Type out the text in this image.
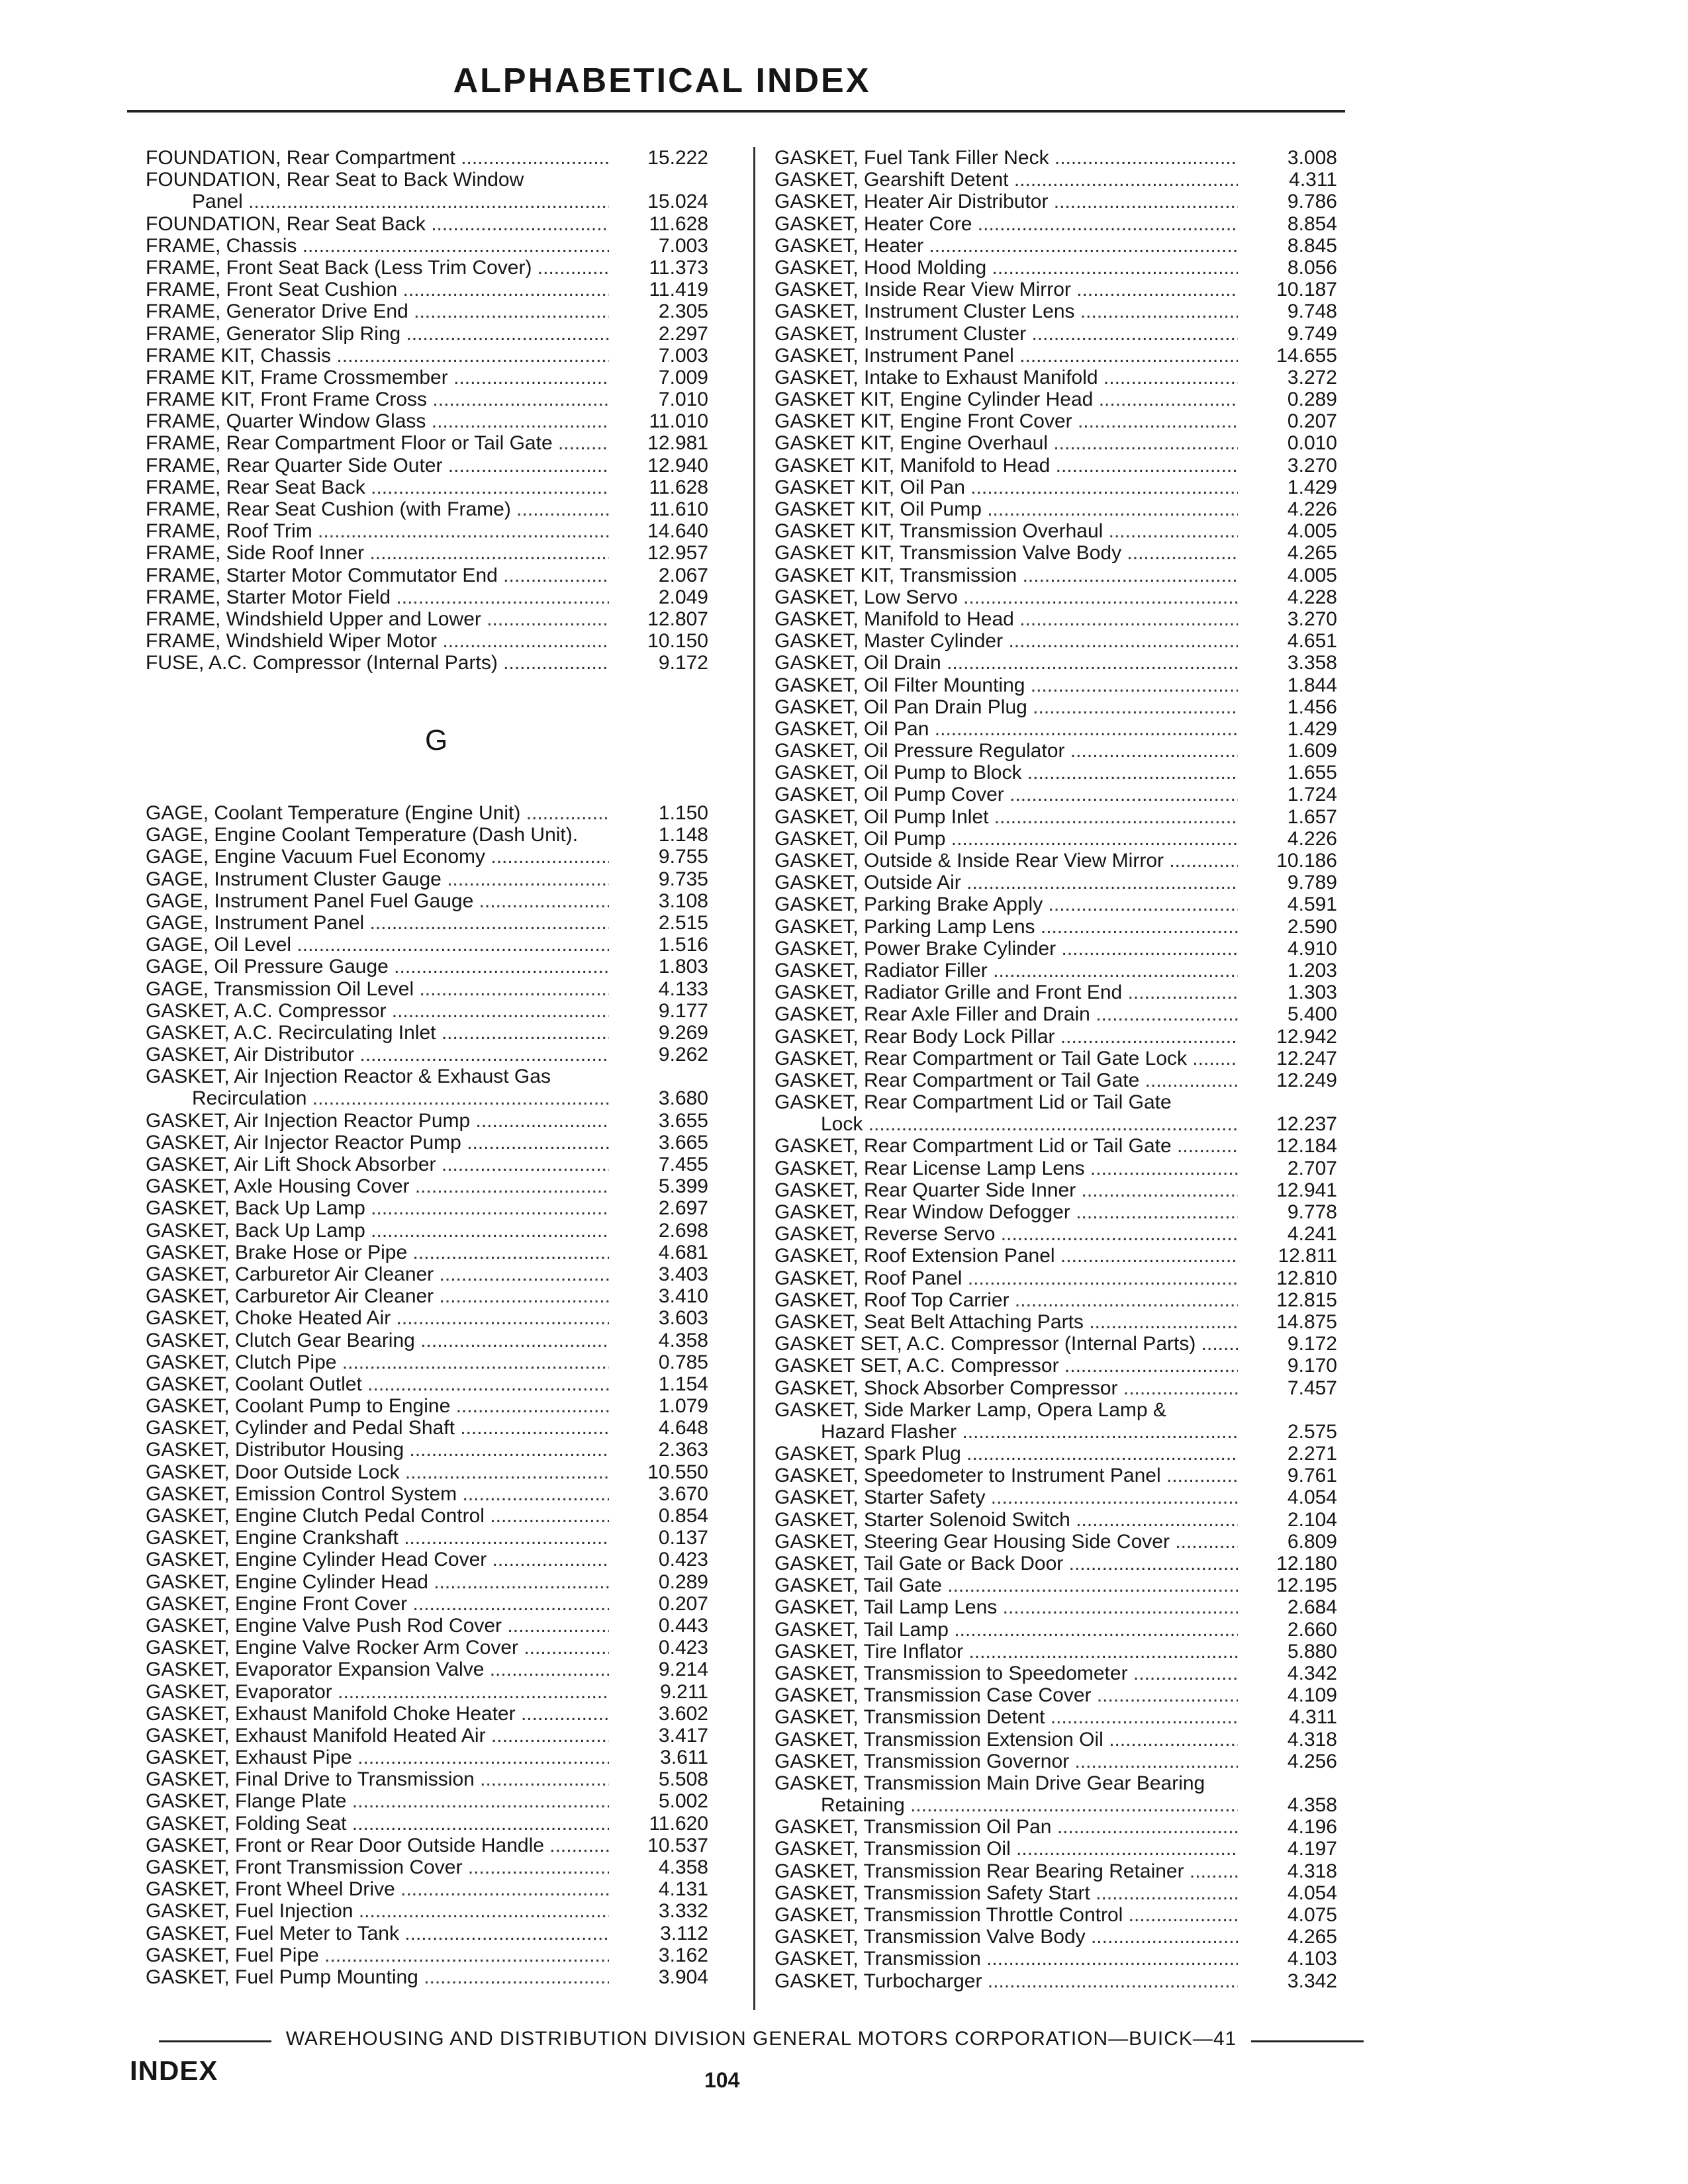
ALPHABETICAL INDEX
FOUNDATION, Rear Compartment .....	15.222
FOUNDATION, Rear Seat to Back Window
Panel .....	15.024
FOUNDATION, Rear Seat Back .....	11.628
FRAME, Chassis .....	7.003
FRAME, Front Seat Back (Less Trim Cover) .....	11.373
FRAME, Front Seat Cushion .....	11.419
FRAME, Generator Drive End .....	2.305
FRAME, Generator Slip Ring .....	2.297
FRAME KIT, Chassis .....	7.003
FRAME KIT, Frame Crossmember .....	7.009
FRAME KIT, Front Frame Cross .....	7.010
FRAME, Quarter Window Glass .....	11.010
FRAME, Rear Compartment Floor or Tail Gate .....	12.981
FRAME, Rear Quarter Side Outer .....	12.940
FRAME, Rear Seat Back .....	11.628
FRAME, Rear Seat Cushion (with Frame) .....	11.610
FRAME, Roof Trim .....	14.640
FRAME, Side Roof Inner .....	12.957
FRAME, Starter Motor Commutator End .....	2.067
FRAME, Starter Motor Field .....	2.049
FRAME, Windshield Upper and Lower .....	12.807
FRAME, Windshield Wiper Motor .....	10.150
FUSE, A.C. Compressor (Internal Parts) .....	9.172
G
GAGE, Coolant Temperature (Engine Unit) .....	1.150
GAGE, Engine Coolant Temperature (Dash Unit).	1.148
GAGE, Engine Vacuum Fuel Economy .....	9.755
GAGE, Instrument Cluster Gauge .....	9.735
GAGE, Instrument Panel Fuel Gauge .....	3.108
GAGE, Instrument Panel .....	2.515
GAGE, Oil Level .....	1.516
GAGE, Oil Pressure Gauge .....	1.803
GAGE, Transmission Oil Level .....	4.133
GASKET, A.C. Compressor .....	9.177
GASKET, A.C. Recirculating Inlet .....	9.269
GASKET, Air Distributor .....	9.262
GASKET, Air Injection Reactor & Exhaust Gas
Recirculation .....	3.680
GASKET, Air Injection Reactor Pump .....	3.655
GASKET, Air Injector Reactor Pump .....	3.665
GASKET, Air Lift Shock Absorber .....	7.455
GASKET, Axle Housing Cover .....	5.399
GASKET, Back Up Lamp .....	2.697
GASKET, Back Up Lamp .....	2.698
GASKET, Brake Hose or Pipe .....	4.681
GASKET, Carburetor Air Cleaner .....	3.403
GASKET, Carburetor Air Cleaner .....	3.410
GASKET, Choke Heated Air .....	3.603
GASKET, Clutch Gear Bearing .....	4.358
GASKET, Clutch Pipe .....	0.785
GASKET, Coolant Outlet .....	1.154
GASKET, Coolant Pump to Engine .....	1.079
GASKET, Cylinder and Pedal Shaft .....	4.648
GASKET, Distributor Housing .....	2.363
GASKET, Door Outside Lock .....	10.550
GASKET, Emission Control System .....	3.670
GASKET, Engine Clutch Pedal Control .....	0.854
GASKET, Engine Crankshaft .....	0.137
GASKET, Engine Cylinder Head Cover .....	0.423
GASKET, Engine Cylinder Head .....	0.289
GASKET, Engine Front Cover .....	0.207
GASKET, Engine Valve Push Rod Cover .....	0.443
GASKET, Engine Valve Rocker Arm Cover .....	0.423
GASKET, Evaporator Expansion Valve .....	9.214
GASKET, Evaporator .....	9.211
GASKET, Exhaust Manifold Choke Heater .....	3.602
GASKET, Exhaust Manifold Heated Air .....	3.417
GASKET, Exhaust Pipe .....	3.611
GASKET, Final Drive to Transmission .....	5.508
GASKET, Flange Plate .....	5.002
GASKET, Folding Seat .....	11.620
GASKET, Front or Rear Door Outside Handle .....	10.537
GASKET, Front Transmission Cover .....	4.358
GASKET, Front Wheel Drive .....	4.131
GASKET, Fuel Injection .....	3.332
GASKET, Fuel Meter to Tank .....	3.112
GASKET, Fuel Pipe .....	3.162
GASKET, Fuel Pump Mounting .....	3.904
GASKET, Fuel Tank Filler Neck .....	3.008
GASKET, Gearshift Detent .....	4.311
GASKET, Heater Air Distributor .....	9.786
GASKET, Heater Core .....	8.854
GASKET, Heater .....	8.845
GASKET, Hood Molding .....	8.056
GASKET, Inside Rear View Mirror .....	10.187
GASKET, Instrument Cluster Lens .....	9.748
GASKET, Instrument Cluster .....	9.749
GASKET, Instrument Panel .....	14.655
GASKET, Intake to Exhaust Manifold .....	3.272
GASKET KIT, Engine Cylinder Head .....	0.289
GASKET KIT, Engine Front Cover .....	0.207
GASKET KIT, Engine Overhaul .....	0.010
GASKET KIT, Manifold to Head .....	3.270
GASKET KIT, Oil Pan .....	1.429
GASKET KIT, Oil Pump .....	4.226
GASKET KIT, Transmission Overhaul .....	4.005
GASKET KIT, Transmission Valve Body .....	4.265
GASKET KIT, Transmission .....	4.005
GASKET, Low Servo .....	4.228
GASKET, Manifold to Head .....	3.270
GASKET, Master Cylinder .....	4.651
GASKET, Oil Drain .....	3.358
GASKET, Oil Filter Mounting .....	1.844
GASKET, Oil Pan Drain Plug .....	1.456
GASKET, Oil Pan .....	1.429
GASKET, Oil Pressure Regulator .....	1.609
GASKET, Oil Pump to Block .....	1.655
GASKET, Oil Pump Cover .....	1.724
GASKET, Oil Pump Inlet .....	1.657
GASKET, Oil Pump .....	4.226
GASKET, Outside & Inside Rear View Mirror .....	10.186
GASKET, Outside Air .....	9.789
GASKET, Parking Brake Apply .....	4.591
GASKET, Parking Lamp Lens .....	2.590
GASKET, Power Brake Cylinder .....	4.910
GASKET, Radiator Filler .....	1.203
GASKET, Radiator Grille and Front End .....	1.303
GASKET, Rear Axle Filler and Drain .....	5.400
GASKET, Rear Body Lock Pillar .....	12.942
GASKET, Rear Compartment or Tail Gate Lock .....	12.247
GASKET, Rear Compartment or Tail Gate .....	12.249
GASKET, Rear Compartment Lid or Tail Gate
Lock .....	12.237
GASKET, Rear Compartment Lid or Tail Gate .....	12.184
GASKET, Rear License Lamp Lens .....	2.707
GASKET, Rear Quarter Side Inner .....	12.941
GASKET, Rear Window Defogger .....	9.778
GASKET, Reverse Servo .....	4.241
GASKET, Roof Extension Panel .....	12.811
GASKET, Roof Panel .....	12.810
GASKET, Roof Top Carrier .....	12.815
GASKET, Seat Belt Attaching Parts .....	14.875
GASKET SET, A.C. Compressor (Internal Parts) .....	9.172
GASKET SET, A.C. Compressor .....	9.170
GASKET, Shock Absorber Compressor .....	7.457
GASKET, Side Marker Lamp, Opera Lamp &
Hazard Flasher .....	2.575
GASKET, Spark Plug .....	2.271
GASKET, Speedometer to Instrument Panel .....	9.761
GASKET, Starter Safety .....	4.054
GASKET, Starter Solenoid Switch .....	2.104
GASKET, Steering Gear Housing Side Cover .....	6.809
GASKET, Tail Gate or Back Door .....	12.180
GASKET, Tail Gate .....	12.195
GASKET, Tail Lamp Lens .....	2.684
GASKET, Tail Lamp .....	2.660
GASKET, Tire Inflator .....	5.880
GASKET, Transmission to Speedometer .....	4.342
GASKET, Transmission Case Cover .....	4.109
GASKET, Transmission Detent .....	4.311
GASKET, Transmission Extension Oil .....	4.318
GASKET, Transmission Governor .....	4.256
GASKET, Transmission Main Drive Gear Bearing
Retaining .....	4.358
GASKET, Transmission Oil Pan .....	4.196
GASKET, Transmission Oil .....	4.197
GASKET, Transmission Rear Bearing Retainer .....	4.318
GASKET, Transmission Safety Start .....	4.054
GASKET, Transmission Throttle Control .....	4.075
GASKET, Transmission Valve Body .....	4.265
GASKET, Transmission .....	4.103
GASKET, Turbocharger .....	3.342
WAREHOUSING AND DISTRIBUTION DIVISION GENERAL MOTORS CORPORATION—BUICK—41
INDEX	104
